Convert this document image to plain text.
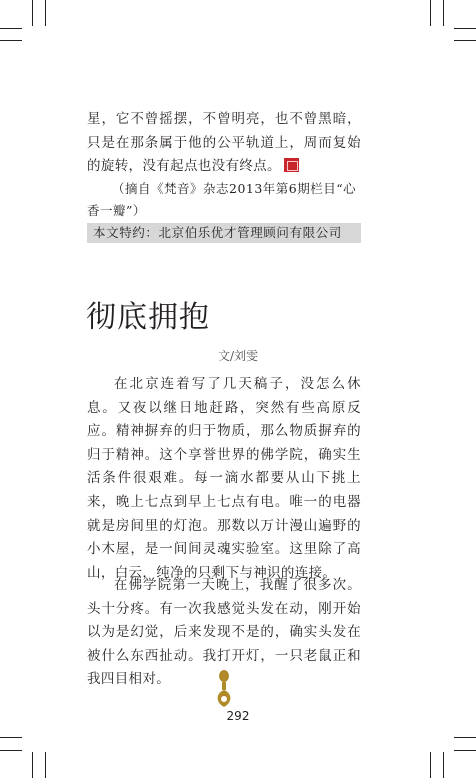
星，它不曾摇摆，不曾明亮，也不曾黑暗，只是在那条属于他的公平轨道上，周而复始的旋转，没有起点也没有终点。

（摘自《梵音》杂志2013年第6期栏目“心香一瓣”）

本文特约：北京伯乐优才管理顾问有限公司
彻底拥抱
文/刘雯

在北京连着写了几天稿子，没怎么休息。又夜以继日地赶路，突然有些高原反应。精神摒弃的归于物质，那么物质摒弃的归于精神。这个享誉世界的佛学院，确实生活条件很艰难。每一滴水都要从山下挑上来，晚上七点到早上七点有电。唯一的电器就是房间里的灯泡。那数以万计漫山遍野的小木屋，是一间间灵魂实验室。这里除了高山，白云，纯净的只剩下与神识的连接。

在佛学院第一天晚上，我醒了很多次。头十分疼。有一次我感觉头发在动，刚开始以为是幻觉，后来发现不是的，确实头发在被什么东西扯动。我打开灯，一只老鼠正和我四目相对。

292
